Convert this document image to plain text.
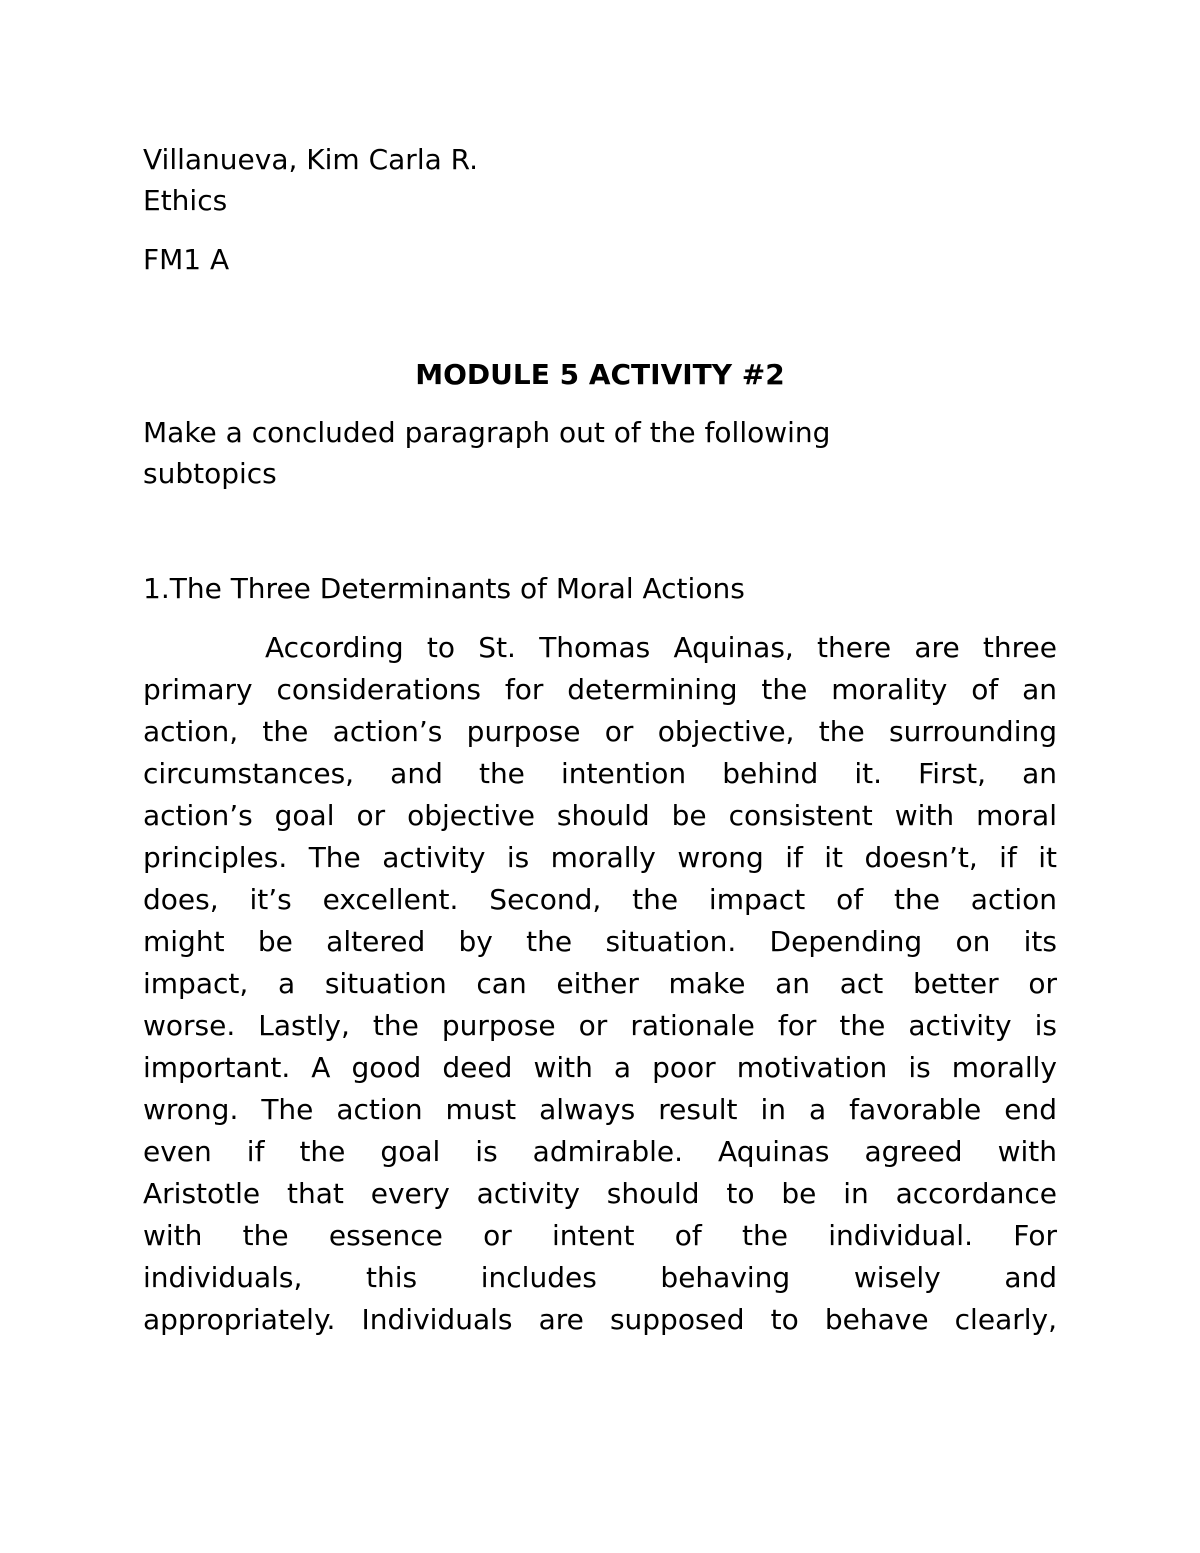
Villanueva, Kim Carla R.

Ethics

FM1 A

MODULE 5 ACTIVITY #2

Make a concluded paragraph out of the following

subtopics

1.The Three Determinants of Moral Actions

According to St. Thomas Aquinas, there are three
primary considerations for determining the morality of an
action, the action’s purpose or objective, the surrounding
circumstances, and the intention behind it. First, an
action’s goal or objective should be consistent with moral
principles. The activity is morally wrong if it doesn’t, if it
does, it’s excellent. Second, the impact of the action
might be altered by the situation. Depending on its
impact, a situation can either make an act better or
worse. Lastly, the purpose or rationale for the activity is
important. A good deed with a poor motivation is morally
wrong. The action must always result in a favorable end
even if the goal is admirable. Aquinas agreed with
Aristotle that every activity should to be in accordance
with the essence or intent of the individual. For
individuals, this includes behaving wisely and
appropriately. Individuals are supposed to behave clearly,
